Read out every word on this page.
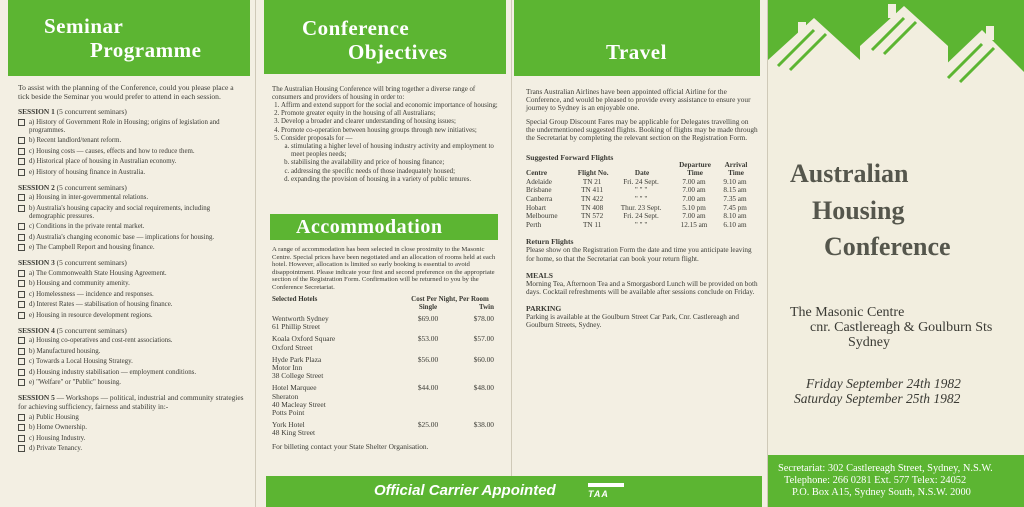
Seminar
Programme

To assist with the planning of the Conference, could you please place a tick beside the Seminar you would prefer to attend in each session.

SESSION 1 (5 concurrent seminars)
a) History of Government Role in Housing; origins of legislation and programmes.
b) Recent landlord/tenant reform.
c) Housing costs — causes, effects and how to reduce them.
d) Historical place of housing in Australian economy.
e) History of housing finance in Australia.
SESSION 2 (5 concurrent seminars)
a) Housing in inter-governmental relations.
b) Australia's housing capacity and social requirements, including demographic pressures.
c) Conditions in the private rental market.
d) Australia's changing economic base — implications for housing.
e) The Campbell Report and housing finance.
SESSION 3 (5 concurrent seminars)
a) The Commonwealth State Housing Agreement.
b) Housing and community amenity.
c) Homelessness — incidence and responses.
d) Interest Rates — stabilisation of housing finance.
e) Housing in resource development regions.
SESSION 4 (5 concurrent seminars)
a) Housing co-operatives and cost-rent associations.
b) Manufactured housing.
c) Towards a Local Housing Strategy.
d) Housing industry stabilisation — employment conditions.
e) "Welfare" or "Public" housing.
SESSION 5 — Workshops — political, industrial and community strategies for achieving sufficiency, fairness and stability in:-
a) Public Housing
b) Home Ownership.
c) Housing Industry.
d) Private Tenancy.
Conference
Objectives

The Australian Housing Conference will bring together a diverse range of consumers and providers of housing in order to:

1. Affirm and extend support for the social and economic importance of housing;
2. Promote greater equity in the housing of all Australians;
3. Develop a broader and clearer understanding of housing issues;
4. Promote co-operation between housing groups through new initiatives;
5. Consider proposals for —
a. stimulating a higher level of housing industry activity and employment to meet peoples needs;
b. stabilising the availability and price of housing finance;
c. addressing the specific needs of those inadequately housed;
d. expanding the provision of housing in a variety of public tenures.
Accommodation

A range of accommodation has been selected in close proximity to the Masonic Centre. Special prices have been negotiated and an allocation of rooms held at each hotel. However, allocation is limited so early booking is essential to avoid disappointment. Please indicate your first and second preference on the appropriate section of the Registration Form. Confirmation will be returned to you by the Conference Secretariat.

Selected Hotels	Cost Per Night, Per Room	
	Single	Twin

Wentworth Sydney
61 Phillip Street	$69.00	$78.00

Koala Oxford Square
Oxford Street	$53.00	$57.00

Hyde Park Plaza
Motor Inn
38 College Street	$56.00	$60.00

Hotel Marquee
Sheraton
40 Macleay Street
Potts Point	$44.00	$48.00

York Hotel
48 King Street	$25.00	$38.00

For billeting contact your State Shelter Organisation.

Travel

Trans Australian Airlines have been appointed official Airline for the Conference, and would be pleased to provide every assistance to ensure your journey to Sydney is an enjoyable one.

Special Group Discount Fares may be applicable for Delegates travelling on the undermentioned suggested flights. Booking of flights may be made through the Secretariat by completing the relevant section on the Registration Form.

Suggested Forward Flights

Centre	Flight No.	Date	Departure Time	Arrival Time
Adelaide	TN 21	Fri. 24 Sept.	7.00 am	9.10 am
Brisbane	TN 411	" " "	7.00 am	8.15 am
Canberra	TN 422	" " "	7.00 am	7.35 am
Hobart	TN 408	Thur. 23 Sept.	5.10 pm	7.45 pm
Melbourne	TN 572	Fri. 24 Sept.	7.00 am	8.10 am
Perth	TN 11	" " "	12.15 am	6.10 am

Return Flights

Please show on the Registration Form the date and time you anticipate leaving for home, so that the Secretariat can book your return flight.

MEALS

Morning Tea, Afternoon Tea and a Smorgasbord Lunch will be provided on both days. Cocktail refreshments will be available after sessions conclude on Friday.

PARKING

Parking is available at the Goulburn Street Car Park, Cnr. Castlereagh and Goulburn Streets, Sydney.

Official Carrier Appointed	TAA
Australian
Housing
Conference
The Masonic Centre
cnr. Castlereagh & Goulburn Sts
Sydney
Friday September 24th 1982
Saturday September 25th 1982
Secretariat: 302 Castlereagh Street, Sydney, N.S.W.
Telephone: 266 0281 Ext. 577 Telex: 24052
P.O. Box A15, Sydney South, N.S.W. 2000
